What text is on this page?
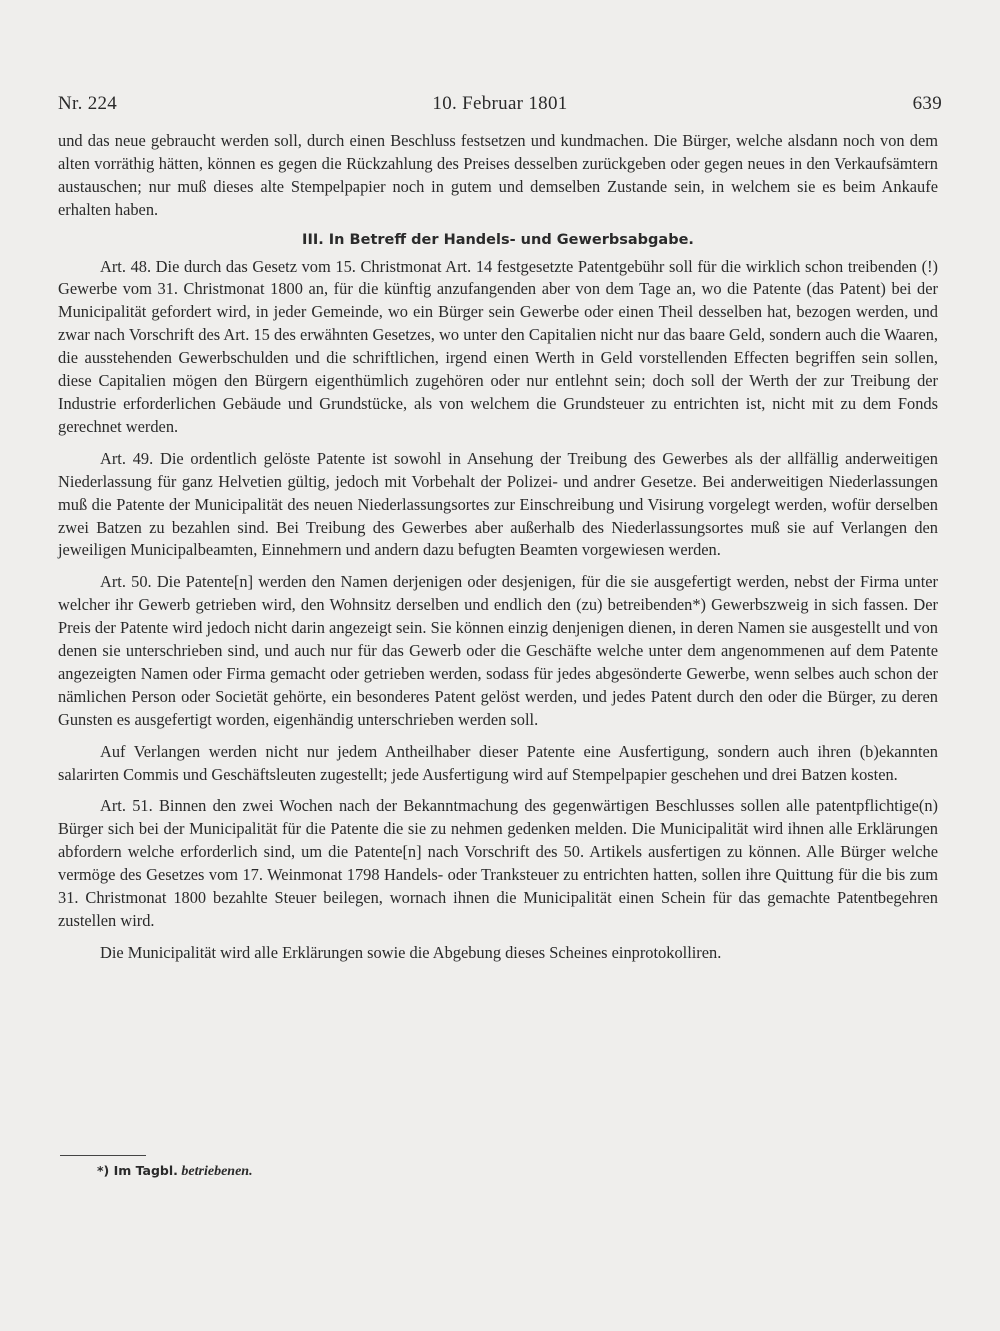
Nr. 224	10. Februar 1801	639

und das neue gebraucht werden soll, durch einen Beschluss festsetzen und kundmachen. Die Bürger, welche alsdann noch von dem alten vorräthig hätten, können es gegen die Rückzahlung des Preises desselben zurückgeben oder gegen neues in den Verkaufsämtern austauschen; nur muß dieses alte Stempelpapier noch in gutem und demselben Zustande sein, in welchem sie es beim Ankaufe erhalten haben.

III. In Betreff der Handels- und Gewerbsabgabe.

Art. 48. Die durch das Gesetz vom 15. Christmonat Art. 14 festgesetzte Patentgebühr soll für die wirklich schon treibenden (!) Gewerbe vom 31. Christmonat 1800 an, für die künftig anzufangenden aber von dem Tage an, wo die Patente (das Patent) bei der Municipalität gefordert wird, in jeder Gemeinde, wo ein Bürger sein Gewerbe oder einen Theil desselben hat, bezogen werden, und zwar nach Vorschrift des Art. 15 des erwähnten Gesetzes, wo unter den Capitalien nicht nur das baare Geld, sondern auch die Waaren, die ausstehenden Gewerbschulden und die schriftlichen, irgend einen Werth in Geld vorstellenden Effecten begriffen sein sollen, diese Capitalien mögen den Bürgern eigenthümlich zugehören oder nur entlehnt sein; doch soll der Werth der zur Treibung der Industrie erforderlichen Gebäude und Grundstücke, als von welchem die Grundsteuer zu entrichten ist, nicht mit zu dem Fonds gerechnet werden.

Art. 49. Die ordentlich gelöste Patente ist sowohl in Ansehung der Treibung des Gewerbes als der allfällig anderweitigen Niederlassung für ganz Helvetien gültig, jedoch mit Vorbehalt der Polizei- und andrer Gesetze. Bei anderweitigen Niederlassungen muß die Patente der Municipalität des neuen Niederlassungsortes zur Einschreibung und Visirung vorgelegt werden, wofür derselben zwei Batzen zu bezahlen sind. Bei Treibung des Gewerbes aber außerhalb des Niederlassungsortes muß sie auf Verlangen den jeweiligen Municipalbeamten, Einnehmern und andern dazu befugten Beamten vorgewiesen werden.

Art. 50. Die Patente[n] werden den Namen derjenigen oder desjenigen, für die sie ausgefertigt werden, nebst der Firma unter welcher ihr Gewerb getrieben wird, den Wohnsitz derselben und endlich den (zu) betreibenden*) Gewerbszweig in sich fassen. Der Preis der Patente wird jedoch nicht darin angezeigt sein. Sie können einzig denjenigen dienen, in deren Namen sie ausgestellt und von denen sie unterschrieben sind, und auch nur für das Gewerb oder die Geschäfte welche unter dem angenommenen auf dem Patente angezeigten Namen oder Firma gemacht oder getrieben werden, sodass für jedes abgesönderte Gewerbe, wenn selbes auch schon der nämlichen Person oder Societät gehörte, ein besonderes Patent gelöst werden, und jedes Patent durch den oder die Bürger, zu deren Gunsten es ausgefertigt worden, eigenhändig unterschrieben werden soll.

Auf Verlangen werden nicht nur jedem Antheilhaber dieser Patente eine Ausfertigung, sondern auch ihren (b)ekannten salarirten Commis und Geschäftsleuten zugestellt; jede Ausfertigung wird auf Stempelpapier geschehen und drei Batzen kosten.

Art. 51. Binnen den zwei Wochen nach der Bekanntmachung des gegenwärtigen Beschlusses sollen alle patentpflichtige(n) Bürger sich bei der Municipalität für die Patente die sie zu nehmen gedenken melden. Die Municipalität wird ihnen alle Erklärungen abfordern welche erforderlich sind, um die Patente[n] nach Vorschrift des 50. Artikels ausfertigen zu können. Alle Bürger welche vermöge des Gesetzes vom 17. Weinmonat 1798 Handels- oder Tranksteuer zu entrichten hatten, sollen ihre Quittung für die bis zum 31. Christmonat 1800 bezahlte Steuer beilegen, wornach ihnen die Municipalität einen Schein für das gemachte Patentbegehren zustellen wird.

Die Municipalität wird alle Erklärungen sowie die Abgebung dieses Scheines einprotokolliren.

*) Im Tagbl. betriebenen.
